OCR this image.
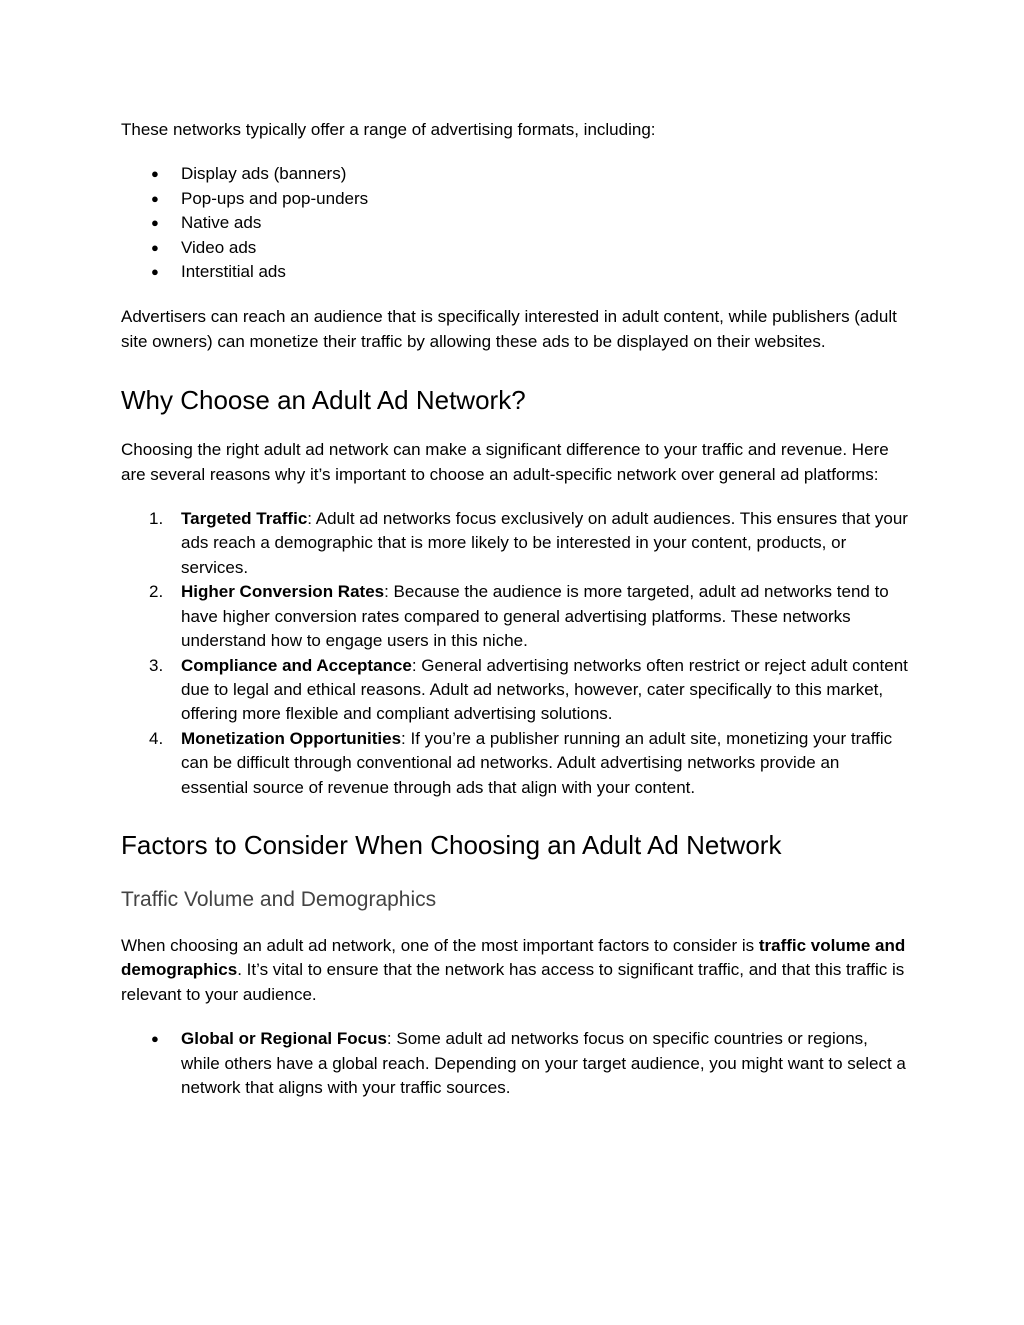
These networks typically offer a range of advertising formats, including:

● Display ads (banners)
● Pop-ups and pop-unders
● Native ads
● Video ads
● Interstitial ads

Advertisers can reach an audience that is specifically interested in adult content, while publishers (adult site owners) can monetize their traffic by allowing these ads to be displayed on their websites.

Why Choose an Adult Ad Network?

Choosing the right adult ad network can make a significant difference to your traffic and revenue. Here are several reasons why it’s important to choose an adult-specific network over general ad platforms:

1. Targeted Traffic: Adult ad networks focus exclusively on adult audiences. This ensures that your ads reach a demographic that is more likely to be interested in your content, products, or services.
2. Higher Conversion Rates: Because the audience is more targeted, adult ad networks tend to have higher conversion rates compared to general advertising platforms. These networks understand how to engage users in this niche.
3. Compliance and Acceptance: General advertising networks often restrict or reject adult content due to legal and ethical reasons. Adult ad networks, however, cater specifically to this market, offering more flexible and compliant advertising solutions.
4. Monetization Opportunities: If you’re a publisher running an adult site, monetizing your traffic can be difficult through conventional ad networks. Adult advertising networks provide an essential source of revenue through ads that align with your content.
Factors to Consider When Choosing an Adult Ad Network
Traffic Volume and Demographics

When choosing an adult ad network, one of the most important factors to consider is traffic volume and demographics. It’s vital to ensure that the network has access to significant traffic, and that this traffic is relevant to your audience.

● Global or Regional Focus: Some adult ad networks focus on specific countries or regions, while others have a global reach. Depending on your target audience, you might want to select a network that aligns with your traffic sources.
